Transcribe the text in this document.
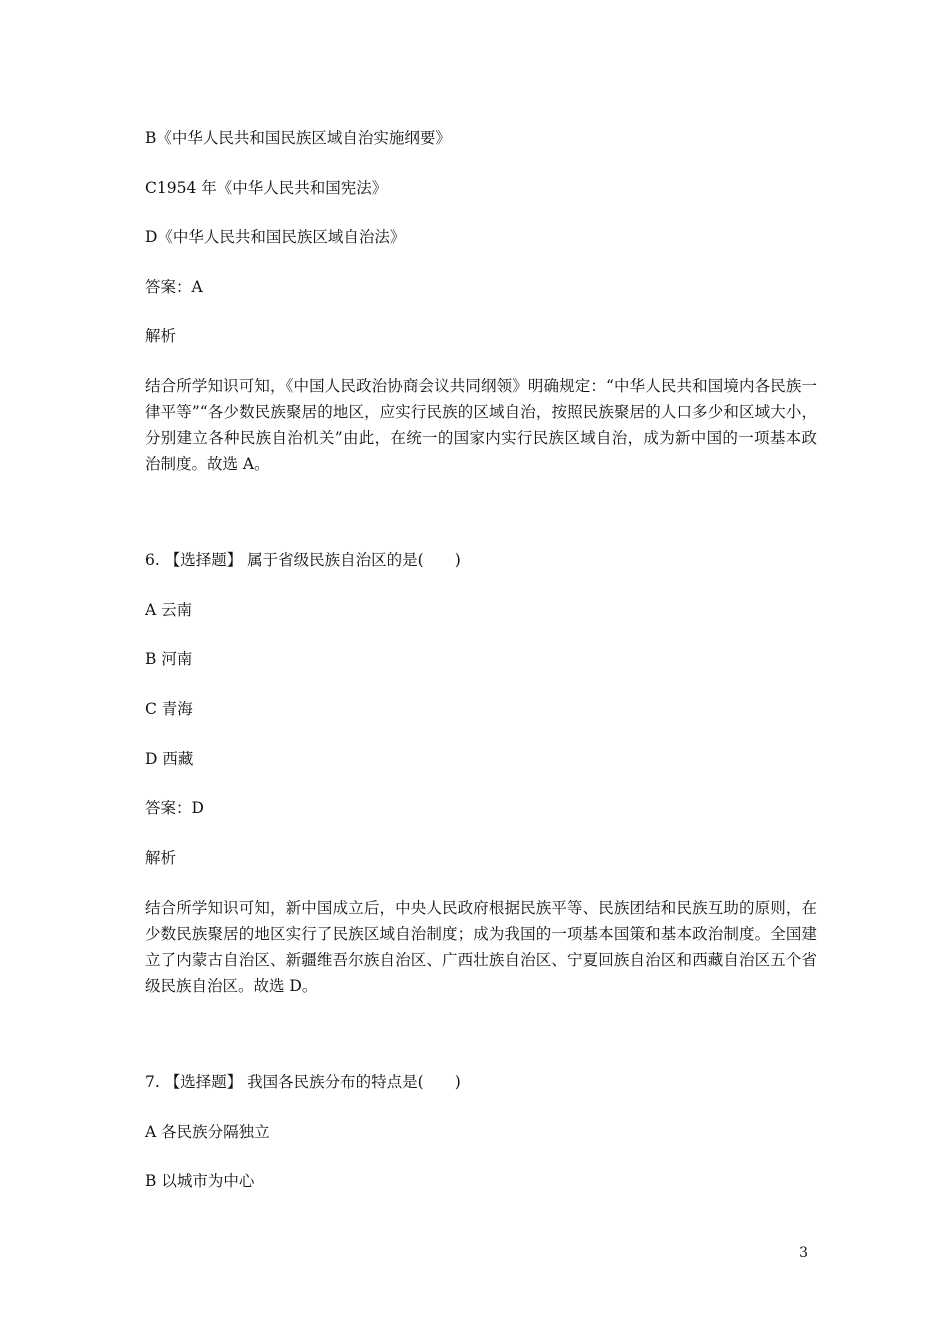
B《中华人民共和国民族区域自治实施纲要》

C1954 年《中华人民共和国宪法》

D《中华人民共和国民族区域自治法》

答案：A

解析

结合所学知识可知，《中国人民政治协商会议共同纲领》明确规定：“中华人民共和国境内各民族一律平等”“各少数民族聚居的地区，应实行民族的区域自治，按照民族聚居的人口多少和区域大小，分别建立各种民族自治机关”由此，在统一的国家内实行民族区域自治，成为新中国的一项基本政治制度。故选 A。

6. 【选择题】 属于省级民族自治区的是(　　)

A 云南

B 河南

C 青海

D 西藏

答案：D

解析

结合所学知识可知，新中国成立后，中央人民政府根据民族平等、民族团结和民族互助的原则，在少数民族聚居的地区实行了民族区域自治制度；成为我国的一项基本国策和基本政治制度。全国建立了内蒙古自治区、新疆维吾尔族自治区、广西壮族自治区、宁夏回族自治区和西藏自治区五个省级民族自治区。故选 D。

7. 【选择题】 我国各民族分布的特点是(　　)

A 各民族分隔独立

B 以城市为中心

3
